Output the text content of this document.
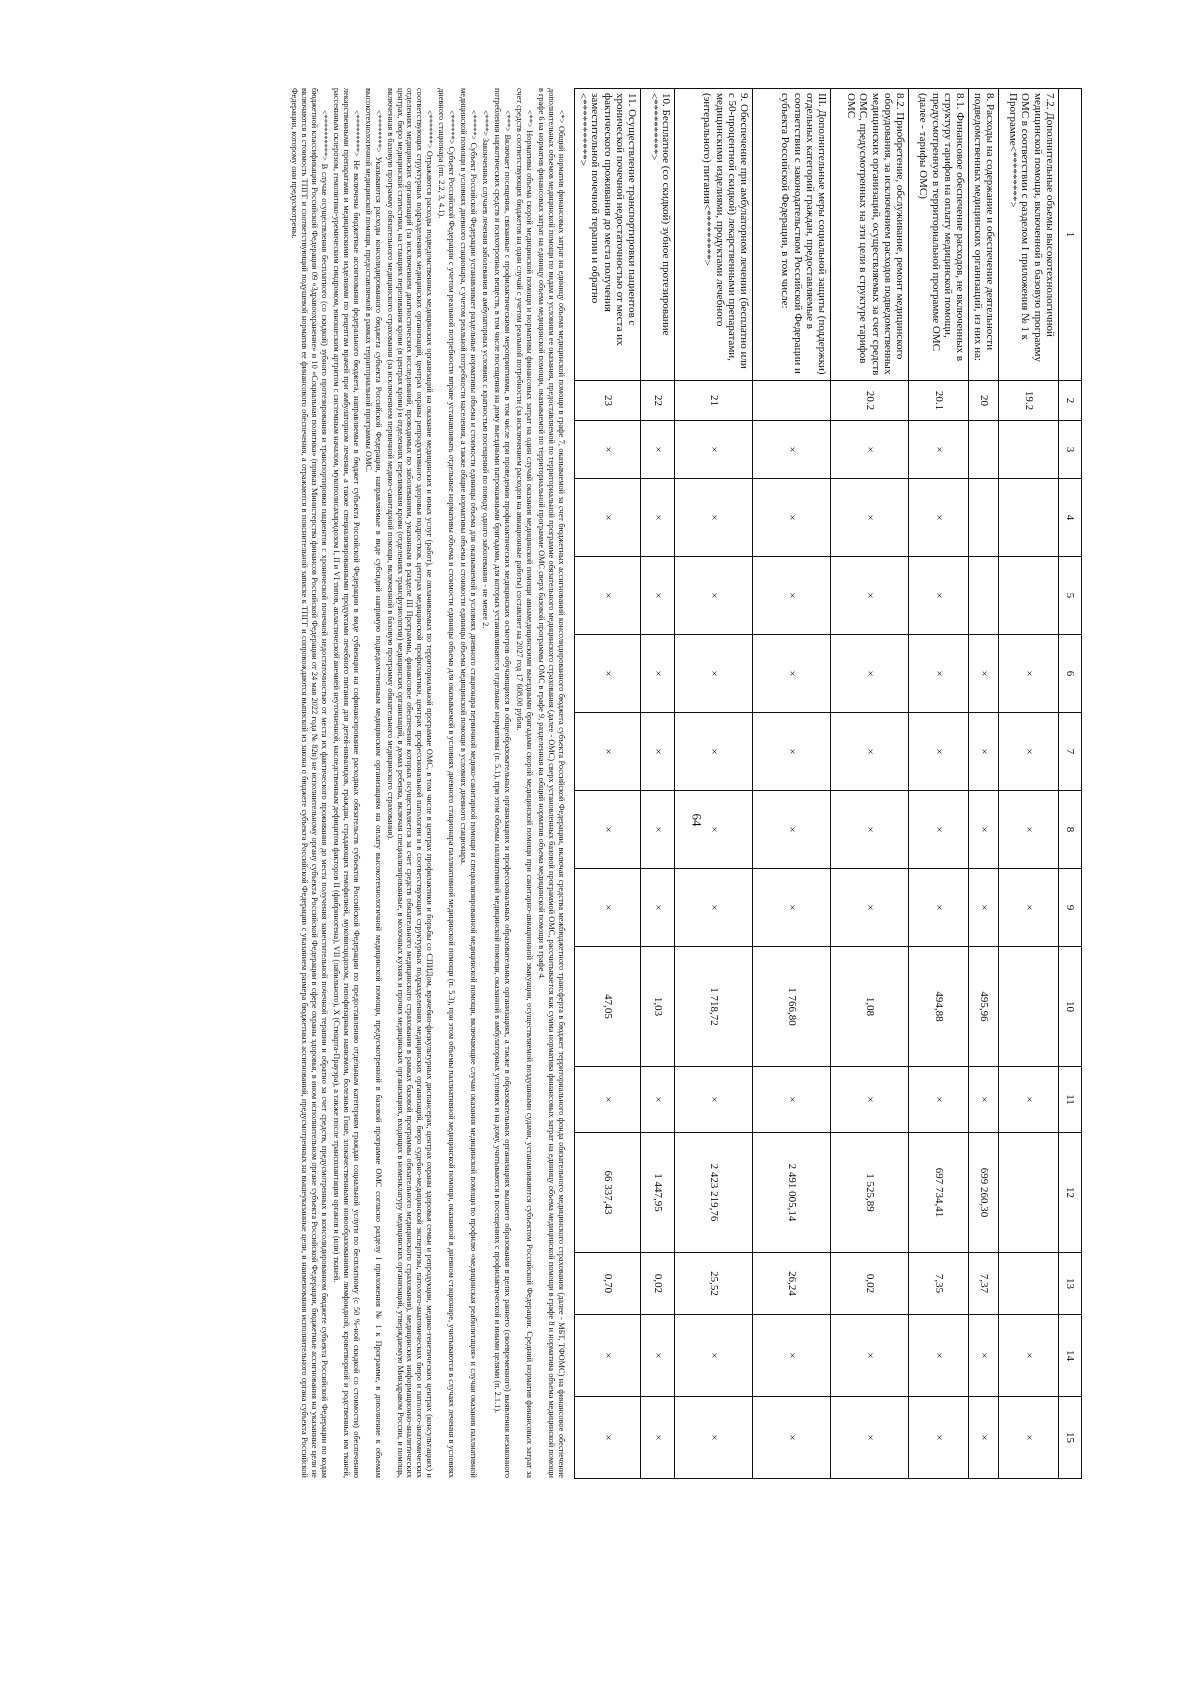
64
1	2	3	4	5	6	7	8	9	10	11	12	13	14	15
7.2. Дополнительные объемы высокотехнологичной медицинской помощи, включенной в базовую программу ОМС в соответствии с разделом I приложения № 1 к Программе<*********>	19.2				×	×	×	×		×			×	×
8. Расходы на содержание и обеспечение деятельности подведомственных медицинских организаций, из них на:	20				×	×	×	×	495,96	×	699 260,30	7,37	×	×
8.1. Финансовое обеспечение расходов, не включенных в структуру тарифов на оплату медицинской помощи, предусмотренную в территориальной программе ОМС (далее - тарифы ОМС)	20.1	×	×	×	×	×	×	×	494,88	×	697 734,41	7,35	×	×
8.2. Приобретение, обслуживание, ремонт медицинского оборудования, за исключением расходов подведомственных медицинских организаций, осуществляемых за счет средств ОМС, предусмотренных на эти цели в структуре тарифов ОМС	20.2	×	×	×	×	×	×	×	1,08	×	1 525,89	0,02	×	×
III. Дополнительные меры социальной защиты (поддержки) отдельных категорий граждан, предоставляемые в соответствии с законодательством Российской Федерации и субъекта Российской Федерации, в том числе:		×	×	×	×	×	×	×	1 766,80	×	2 491 005,14	26,24	×	×
9. Обеспечение при амбулаторном лечении (бесплатно или с 50-процентной скидкой) лекарственными препаратами, медицинскими изделиями, продуктами лечебного (энтерального) питания<*********>	21	×	×	×	×	×	×	×	1 718,72	×	2 423 219,76	25,52	×	×
10. Бесплатное (со скидкой) зубное протезирование <**********>	22	×	×	×	×	×	×	×	1,03	×	1 447,95	0,02	×	×
11. Осуществление транспортировки пациентов с хронической почечной недостаточностью от места их фактического проживания до места получения заместительной почечной терапии и обратно <***********>	23	×	×	×	×	×	×	×	47,05	×	66 337,43	0,70	×	×

<*> Общий норматив финансовых затрат на единицу объема медицинской помощи в графе 7, оказываемой за счет бюджетных ассигнований консолидированного бюджета субъекта Российской Федерации, включая средства межбюджетного трансферта в бюджет территориального фонда обязательного медицинского страхования (далее - МБТ, ТФОМС) на финансовое обеспечение дополнительных объемов медицинской помощи по видам и условиям ее оказания, предоставляемой по территориальной программе обязательного медицинского страхования (далее - ОМС) сверх установленных базовой программой ОМС, рассчитывается как сумма норматива финансовых затрат на единицу объема медицинской помощи в графе 8 и норматива объема медицинской помощи в графе 6 на норматив финансовых затрат на единицу объема медицинской помощи, оказываемой по территориальной программе ОМС сверх базовой программы ОМС в графе 9, разделенная на общий норматив объема медицинской помощи в графе 4.

<**> Нормативы объема скорой медицинской помощи и нормативы финансовых затрат на один случай оказания медицинской помощи авиамедицинскими выездными бригадами скорой медицинской помощи при санитарно-авиационной эвакуации, осуществляемой воздушными судами, устанавливаются субъектом Российской Федерации. Средний норматив финансовых затрат за счет средств соответствующих бюджетов на один случай с учетом реальной потребности (за исключением расходов на авиационные работы) составляет на 2027 год 17 608,00 рубля.

<***> Включает посещения, связанные с профилактическими мероприятиями, в том числе при проведении профилактических медицинских осмотров обучающихся в общеобразовательных организациях и профессиональных образовательных организациях, а также в образовательных организациях высшего образования в целях раннего (своевременного) выявления незаконного потребления наркотических средств и психотропных веществ, в том числе посещения на дому выездными патронажными бригадами, для которых устанавливаются отдельные нормативы (п. 5.1), при этом объемы паллиативной медицинской помощи, оказанной в амбулаторных условиях и на дому, учитываются в посещениях с профилактической и иными целями (п. 2.1.1).

<****> Законченных случаев лечения заболевания в амбулаторных условиях с кратностью посещений по поводу одного заболевания - не менее 2.

<*****> Субъект Российской Федерации устанавливает раздельные нормативы объема и стоимости единицы объема для оказываемой в условиях дневного стационара первичной медико-санитарной помощи и специализированной медицинской помощи, включающие случаи оказания медицинской помощи по профилю «медицинская реабилитация» и случаи оказания паллиативной медицинской помощи в условиях дневного стационара, с учетом реальной потребности населения, а также общие нормативы объема и стоимости единицы объема медицинской помощи в условиях дневного стационара.

<******> Субъект Российской Федерации с учетом реальной потребности вправе устанавливать отдельные нормативы объема и стоимости единицы объема для оказываемой в условиях дневного стационара паллиативной медицинской помощи (п. 5.3), при этом объемы паллиативной медицинской помощи, оказанной в дневном стационаре, учитываются в случаях лечения в условиях дневного стационара (пп. 2.2, 3, 4.1).

<*******> Отражаются расходы подведомственных медицинских организаций на оказание медицинских и иных услуг (работ), не оплачиваемых по территориальной программе ОМС, в том числе в центрах профилактики и борьбы со СПИДом, врачебно-физкультурных диспансерах, центрах охраны здоровья семьи и репродукции, медико-генетических центрах (консультациях) и соответствующих структурных подразделениях медицинских организаций, центрах охраны репродуктивного здоровья подростков, центрах медицинской профилактики, центрах профессиональной патологии и в соответствующих структурных подразделениях медицинских организаций, бюро судебно-медицинской экспертизы, патолого-анатомических бюро и патолого-анатомических отделениях медицинских организаций (за исключением диагностических исследований, проводимых по заболеваниям, указанным в разделе III Программы, финансовое обеспечение которых осуществляется за счет средств обязательного медицинского страхования в рамках базовой программы обязательного медицинского страхования), медицинских информационно-аналитических центрах, бюро медицинской статистики, на станциях переливания крови (в центрах крови) и отделениях переливания крови (отделениях трансфузиологии) медицинских организаций, в домах ребенка, включая специализированные, в молочных кухнях и прочих медицинских организациях, входящих в номенклатуру медицинских организаций, утверждаемую Минздравом России, и помощь, включенная в базовую программу обязательного медицинского страхования (за исключением первичной медико-санитарной помощи, включенной в базовую программу обязательного медицинского страхования).

<********> Указываются расходы консолидированного бюджета субъекта Российской Федерации, направляемые в виде субсидий напрямую подведомственным медицинским организациям на оплату высокотехнологичной медицинской помощи, предусмотренной в базовой программе ОМС согласно разделу I приложения № 1 к Программе, в дополнение к объемам высокотехнологичной медицинской помощи, предоставляемой в рамках территориальной программы ОМС.

<*********> Не включены бюджетные ассигнования федерального бюджета, направляемые в бюджет субъекта Российской Федерации в виде субвенции на софинансирование расходных обязательств субъектов Российской Федерации по предоставлению отдельным категориям граждан социальной услуги по бесплатному (с 50 %-ной скидкой со стоимости) обеспечению лекарственными препаратами и медицинскими изделиями по рецептам врачей при амбулаторном лечении, а также специализированными продуктами лечебного питания для детей-инвалидов, граждан, страдающих гемофилией, муковисцидозом, гипофизарным нанизмом, болезнью Гоше, злокачественными новообразованиями лимфоидной, кроветворной и родственных им тканей, рассеянным склерозом, гемолитико-уремическим синдромом, юношеским артритом с системным началом, мукополисахаридозом I, II и VI типов, апластической анемией неуточненной, наследственным дефицитом факторов II (фибриногена), VII (лабильного), X (Стюарта-Прауэра), а также после трансплантации органов и (или) тканей.

<**********> В случае осуществления бесплатного (со скидкой) зубного протезирования и транспортировки пациентов с хронической почечной недостаточностью от места их фактического проживания до места получения заместительной почечной терапии и обратно за счет средств, предусмотренных в консолидированном бюджете субъекта Российской Федерации по кодам бюджетной классификации Российской Федерации 09 «Здравоохранение» и 10 «Социальная политика» (приказ Министерства финансов Российской Федерации от 24 мая 2022 года № 82н) не исполнительному органу субъекта Российской Федерации в сфере охраны здоровья, в ином исполнительном органе субъекта Российской Федерации, бюджетные ассигнования на указанные цели не включаются в стоимость ТПГГ и соответствующий подушевой норматив ее финансового обеспечения, а отражаются в пояснительной записке к ТПГГ и сопровождаются выпиской из закона о бюджете субъекта Российской Федерации с указанием размера бюджетных ассигнований, предусмотренных на вышеуказанные цели, и наименования исполнительного органа субъекта Российской Федерации, которому они предусмотрены.
